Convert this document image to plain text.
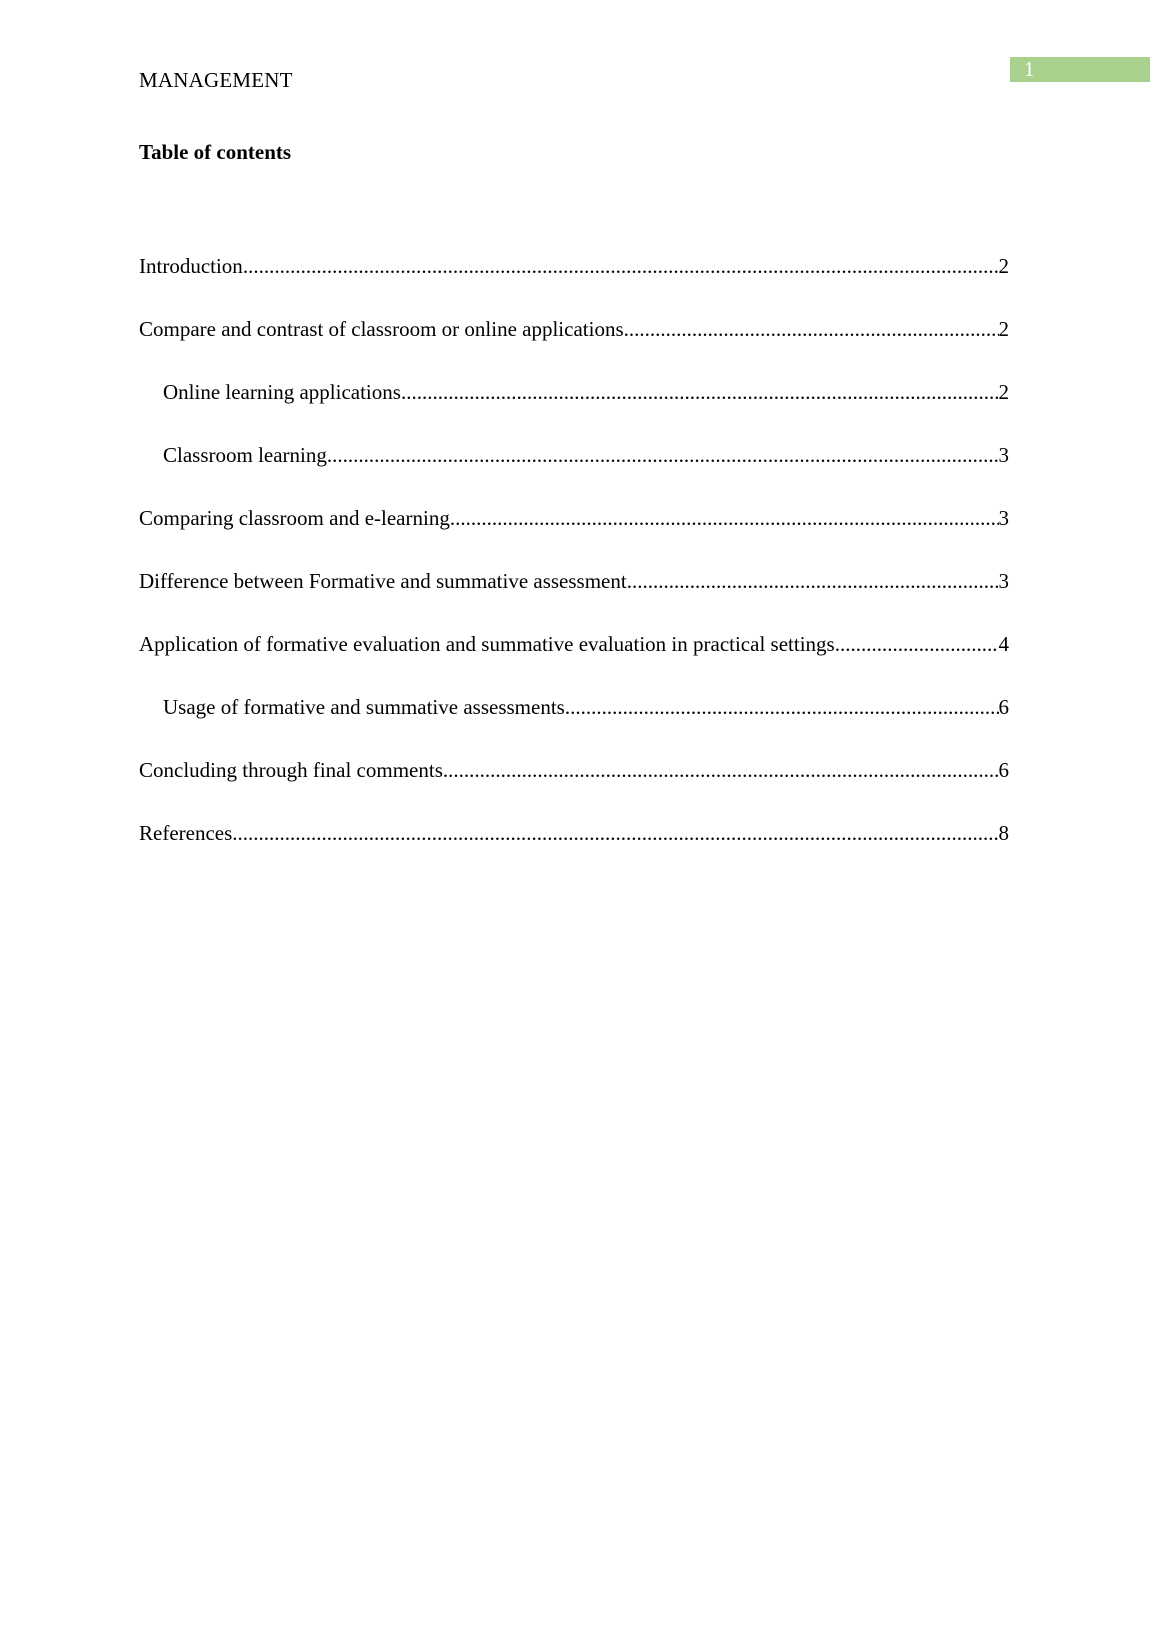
1
MANAGEMENT
Table of contents
Introduction .....	2
Compare and contrast of classroom or online applications .....	2
Online learning applications .....	2
Classroom learning .....	3
Comparing classroom and e-learning .....	3
Difference between Formative and summative assessment .....	3
Application of formative evaluation and summative evaluation in practical settings .....	4
Usage of formative and summative assessments .....	6
Concluding through final comments .....	6
References .....	8
